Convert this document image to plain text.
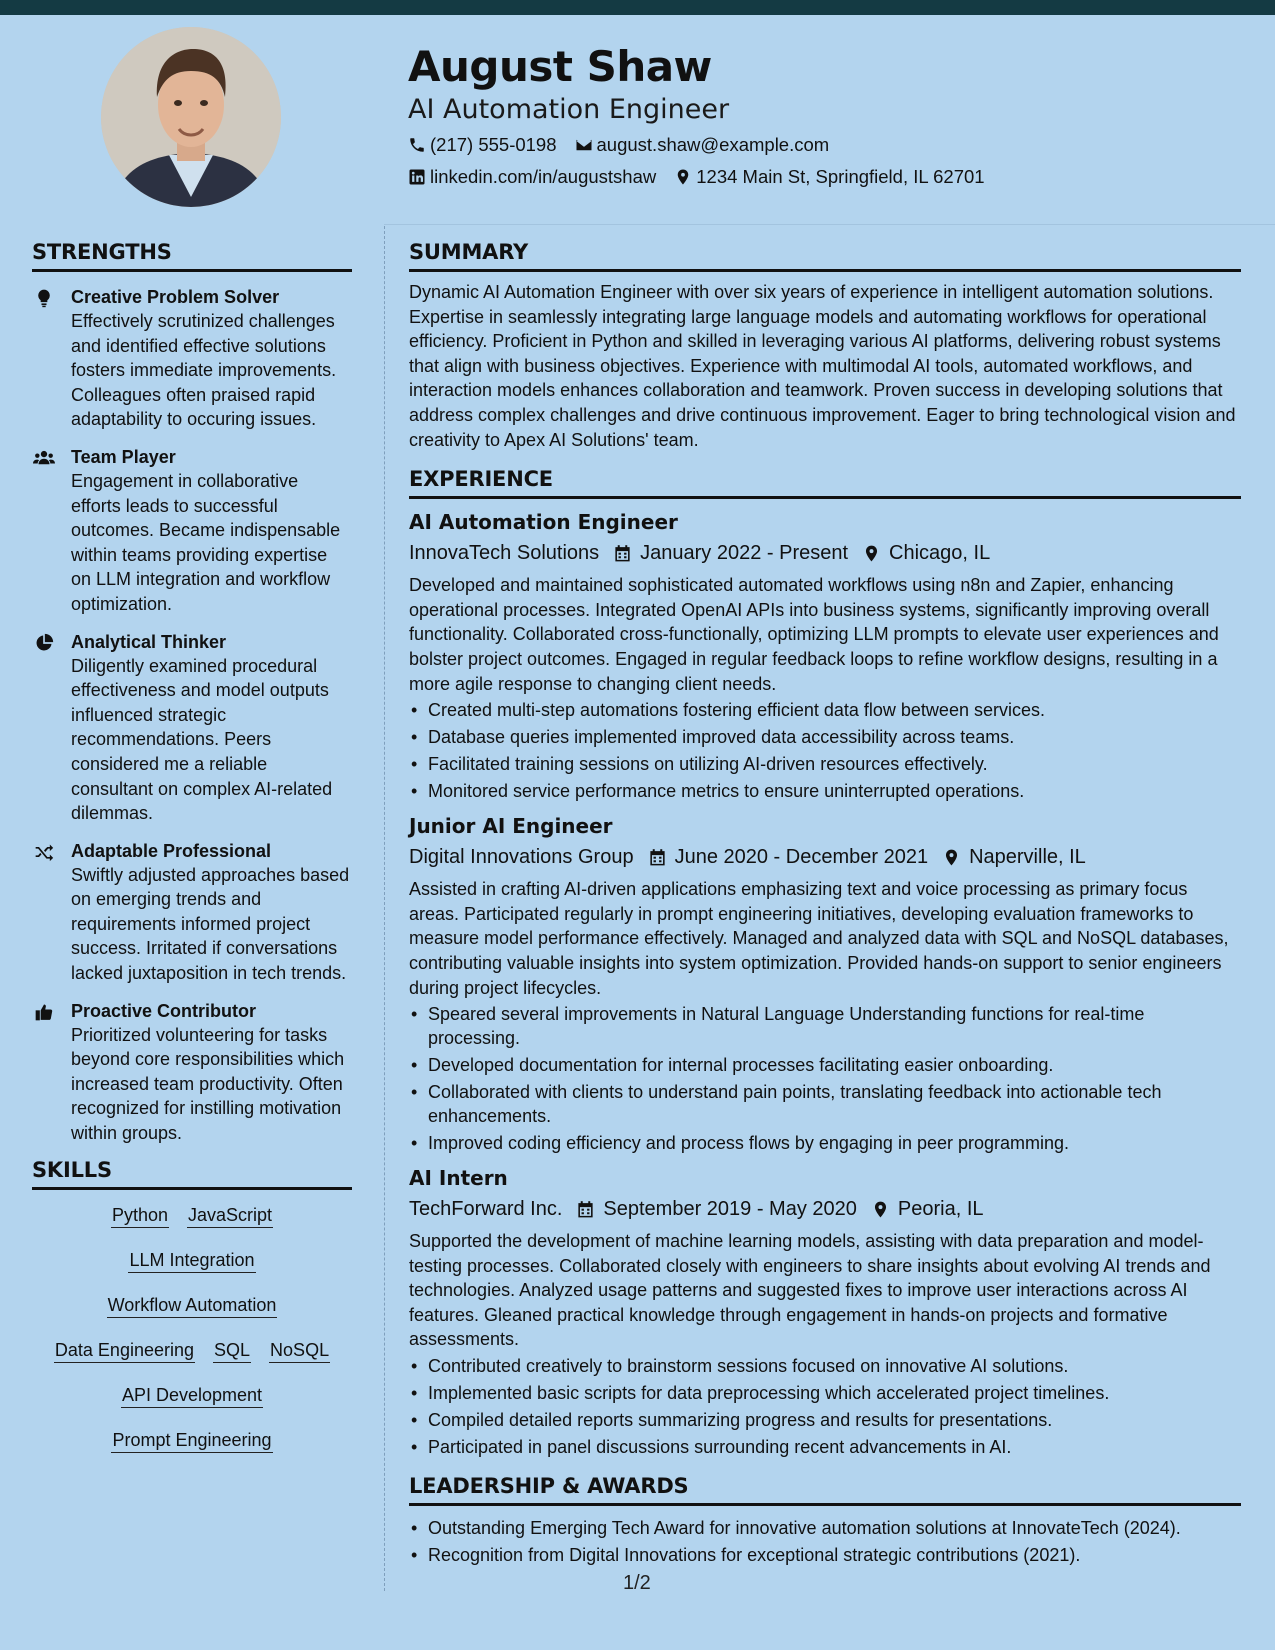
August Shaw
AI Automation Engineer
(217) 555-0198 august.shaw@example.com
linkedin.com/in/augustshaw 1234 Main St, Springfield, IL 62701
STRENGTHS
Creative Problem Solver
Effectively scrutinized challenges and identified effective solutions fosters immediate improvements. Colleagues often praised rapid adaptability to occuring issues.
Team Player
Engagement in collaborative efforts leads to successful outcomes. Became indispensable within teams providing expertise on LLM integration and workflow optimization.
Analytical Thinker
Diligently examined procedural effectiveness and model outputs influenced strategic recommendations. Peers considered me a reliable consultant on complex AI-related dilemmas.
Adaptable Professional
Swiftly adjusted approaches based on emerging trends and requirements informed project success. Irritated if conversations lacked juxtaposition in tech trends.
Proactive Contributor
Prioritized volunteering for tasks beyond core responsibilities which increased team productivity. Often recognized for instilling motivation within groups.
SKILLS
Python JavaScript
LLM Integration
Workflow Automation
Data Engineering SQL NoSQL
API Development
Prompt Engineering
SUMMARY
Dynamic AI Automation Engineer with over six years of experience in intelligent automation solutions. Expertise in seamlessly integrating large language models and automating workflows for operational efficiency. Proficient in Python and skilled in leveraging various AI platforms, delivering robust systems that align with business objectives. Experience with multimodal AI tools, automated workflows, and interaction models enhances collaboration and teamwork. Proven success in developing solutions that address complex challenges and drive continuous improvement. Eager to bring technological vision and creativity to Apex AI Solutions' team.
EXPERIENCE
AI Automation Engineer
InnovaTech Solutions January 2022 - Present Chicago, IL
Developed and maintained sophisticated automated workflows using n8n and Zapier, enhancing operational processes. Integrated OpenAI APIs into business systems, significantly improving overall functionality. Collaborated cross-functionally, optimizing LLM prompts to elevate user experiences and bolster project outcomes. Engaged in regular feedback loops to refine workflow designs, resulting in a more agile response to changing client needs.
• Created multi-step automations fostering efficient data flow between services.
• Database queries implemented improved data accessibility across teams.
• Facilitated training sessions on utilizing AI-driven resources effectively.
• Monitored service performance metrics to ensure uninterrupted operations.
Junior AI Engineer
Digital Innovations Group June 2020 - December 2021 Naperville, IL
Assisted in crafting AI-driven applications emphasizing text and voice processing as primary focus areas. Participated regularly in prompt engineering initiatives, developing evaluation frameworks to measure model performance effectively. Managed and analyzed data with SQL and NoSQL databases, contributing valuable insights into system optimization. Provided hands-on support to senior engineers during project lifecycles.
• Speared several improvements in Natural Language Understanding functions for real-time processing.
• Developed documentation for internal processes facilitating easier onboarding.
• Collaborated with clients to understand pain points, translating feedback into actionable tech enhancements.
• Improved coding efficiency and process flows by engaging in peer programming.
AI Intern
TechForward Inc. September 2019 - May 2020 Peoria, IL
Supported the development of machine learning models, assisting with data preparation and model-testing processes. Collaborated closely with engineers to share insights about evolving AI trends and technologies. Analyzed usage patterns and suggested fixes to improve user interactions across AI features. Gleaned practical knowledge through engagement in hands-on projects and formative assessments.
• Contributed creatively to brainstorm sessions focused on innovative AI solutions.
• Implemented basic scripts for data preprocessing which accelerated project timelines.
• Compiled detailed reports summarizing progress and results for presentations.
• Participated in panel discussions surrounding recent advancements in AI.
LEADERSHIP & AWARDS
• Outstanding Emerging Tech Award for innovative automation solutions at InnovateTech (2024).
• Recognition from Digital Innovations for exceptional strategic contributions (2021).
1/2
